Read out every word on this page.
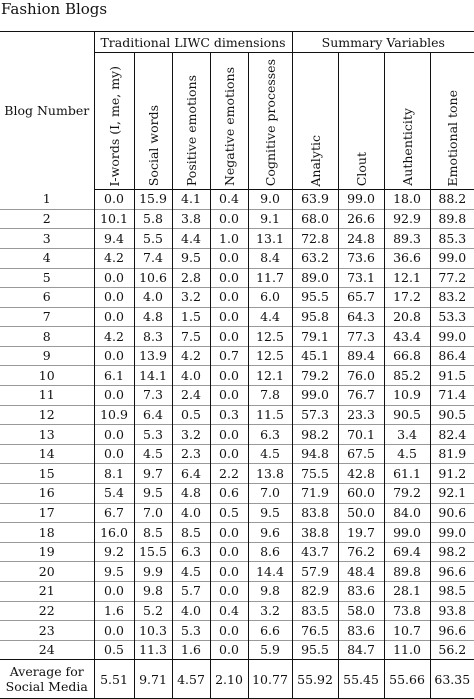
Fashion Blogs
Blog Number	Traditional LIWC dimensions					Summary Variables			
	I-words (I, me, my)	Social words	Positive emotions	Negative emotions	Cognitive processes	Analytic	Clout	Authenticity	Emotional tone
1	0.0	15.9	4.1	0.4	9.0	63.9	99.0	18.0	88.2
2	10.1	5.8	3.8	0.0	9.1	68.0	26.6	92.9	89.8
3	9.4	5.5	4.4	1.0	13.1	72.8	24.8	89.3	85.3
4	4.2	7.4	9.5	0.0	8.4	63.2	73.6	36.6	99.0
5	0.0	10.6	2.8	0.0	11.7	89.0	73.1	12.1	77.2
6	0.0	4.0	3.2	0.0	6.0	95.5	65.7	17.2	83.2
7	0.0	4.8	1.5	0.0	4.4	95.8	64.3	20.8	53.3
8	4.2	8.3	7.5	0.0	12.5	79.1	77.3	43.4	99.0
9	0.0	13.9	4.2	0.7	12.5	45.1	89.4	66.8	86.4
10	6.1	14.1	4.0	0.0	12.1	79.2	76.0	85.2	91.5
11	0.0	7.3	2.4	0.0	7.8	99.0	76.7	10.9	71.4
12	10.9	6.4	0.5	0.3	11.5	57.3	23.3	90.5	90.5
13	0.0	5.3	3.2	0.0	6.3	98.2	70.1	3.4	82.4
14	0.0	4.5	2.3	0.0	4.5	94.8	67.5	4.5	81.9
15	8.1	9.7	6.4	2.2	13.8	75.5	42.8	61.1	91.2
16	5.4	9.5	4.8	0.6	7.0	71.9	60.0	79.2	92.1
17	6.7	7.0	4.0	0.5	9.5	83.8	50.0	84.0	90.6
18	16.0	8.5	8.5	0.0	9.6	38.8	19.7	99.0	99.0
19	9.2	15.5	6.3	0.0	8.6	43.7	76.2	69.4	98.2
20	9.5	9.9	4.5	0.0	14.4	57.9	48.4	89.8	96.6
21	0.0	9.8	5.7	0.0	9.8	82.9	83.6	28.1	98.5
22	1.6	5.2	4.0	0.4	3.2	83.5	58.0	73.8	93.8
23	0.0	10.3	5.3	0.0	6.6	76.5	83.6	10.7	96.6
24	0.5	11.3	1.6	0.0	5.9	95.5	84.7	11.0	56.2
Average for
Social Media	5.51	9.71	4.57	2.10	10.77	55.92	55.45	55.66	63.35
